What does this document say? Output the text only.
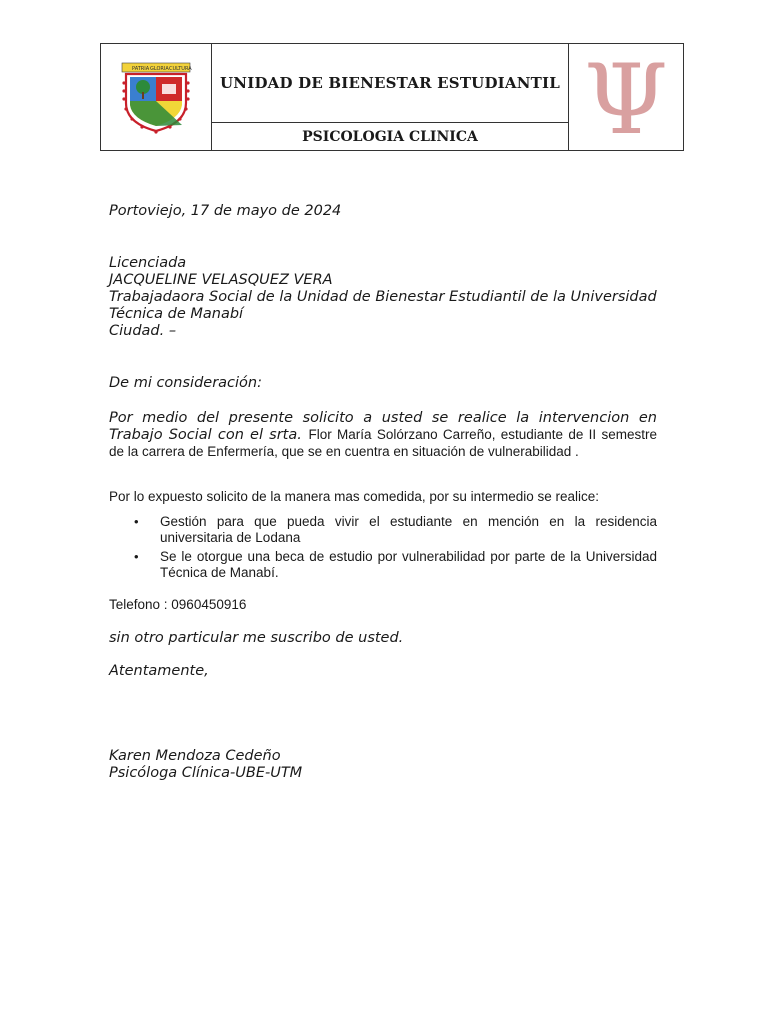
PATRIA GLORIA CULTURA
UNIDAD DE BIENESTAR ESTUDIANTIL
PSICOLOGIA CLINICA	Ψ
Portoviejo, 17 de mayo de 2024
Licenciada
JACQUELINE VELASQUEZ VERA
Trabajadaora Social de la Unidad de Bienestar Estudiantil de la Universidad
Técnica de Manabí
Ciudad. –
De mi consideración:
Por medio del presente solicito a usted se realice la intervencion en Trabajo Social con el srta. Flor María Solórzano Carreño, estudiante de II semestre de la carrera de Enfermería, que se en cuentra en situación de vulnerabilidad .
Por lo expuesto solicito de la manera mas comedida, por su intermedio se realice:
• Gestión para que pueda vivir el estudiante en mención en la residencia universitaria de Lodana
• Se le otorgue una beca de estudio por vulnerabilidad por parte de la Universidad Técnica de Manabí.
Telefono : 0960450916
sin otro particular me suscribo de usted.
Atentamente,
Karen Mendoza Cedeño
Psicóloga Clínica-UBE-UTM
